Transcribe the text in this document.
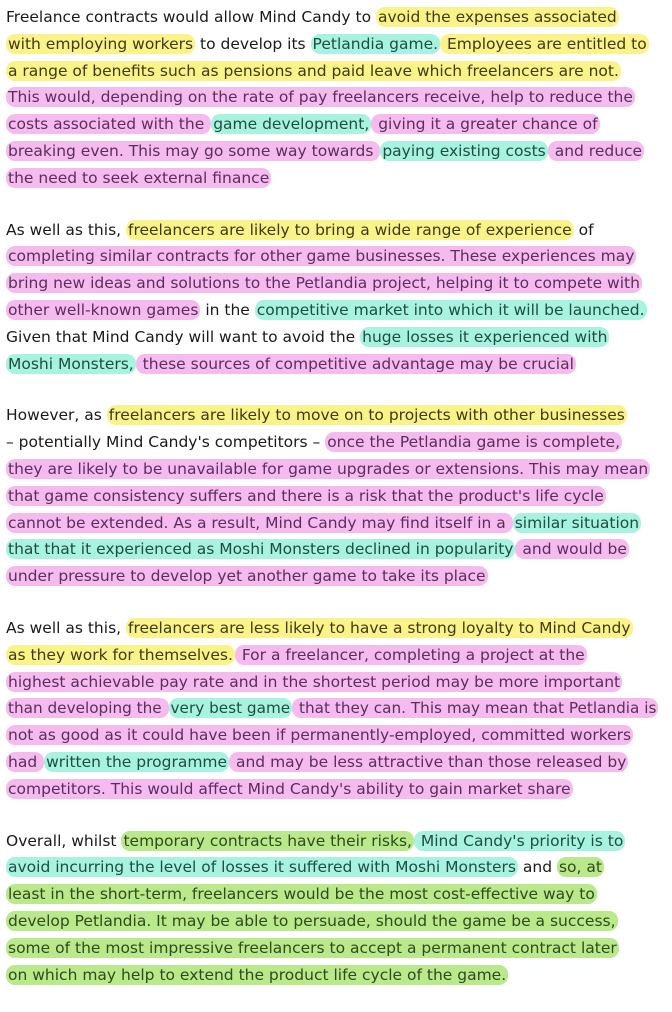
Freelance contracts would allow Mind Candy to avoid the expenses associated
with employing workers to develop its Petlandia game. Employees are entitled to
a range of benefits such as pensions and paid leave which freelancers are not.
This would, depending on the rate of pay freelancers receive, help to reduce the
costs associated with the game development, giving it a greater chance of
breaking even. This may go some way towards paying existing costs and reduce
the need to seek external finance
As well as this, freelancers are likely to bring a wide range of experience of
completing similar contracts for other game businesses. These experiences may
bring new ideas and solutions to the Petlandia project, helping it to compete with
other well-known games in the competitive market into which it will be launched.
Given that Mind Candy will want to avoid the huge losses it experienced with
Moshi Monsters, these sources of competitive advantage may be crucial
However, as freelancers are likely to move on to projects with other businesses
– potentially Mind Candy's competitors – once the Petlandia game is complete,
they are likely to be unavailable for game upgrades or extensions. This may mean
that game consistency suffers and there is a risk that the product's life cycle
cannot be extended. As a result, Mind Candy may find itself in a similar situation
that that it experienced as Moshi Monsters declined in popularity and would be
under pressure to develop yet another game to take its place
As well as this, freelancers are less likely to have a strong loyalty to Mind Candy
as they work for themselves. For a freelancer, completing a project at the
highest achievable pay rate and in the shortest period may be more important
than developing the very best game that they can. This may mean that Petlandia is
not as good as it could have been if permanently-employed, committed workers
had written the programme and may be less attractive than those released by
competitors. This would affect Mind Candy's ability to gain market share
Overall, whilst temporary contracts have their risks, Mind Candy's priority is to
avoid incurring the level of losses it suffered with Moshi Monsters and so, at
least in the short-term, freelancers would be the most cost-effective way to
develop Petlandia. It may be able to persuade, should the game be a success,
some of the most impressive freelancers to accept a permanent contract later
on which may help to extend the product life cycle of the game.
